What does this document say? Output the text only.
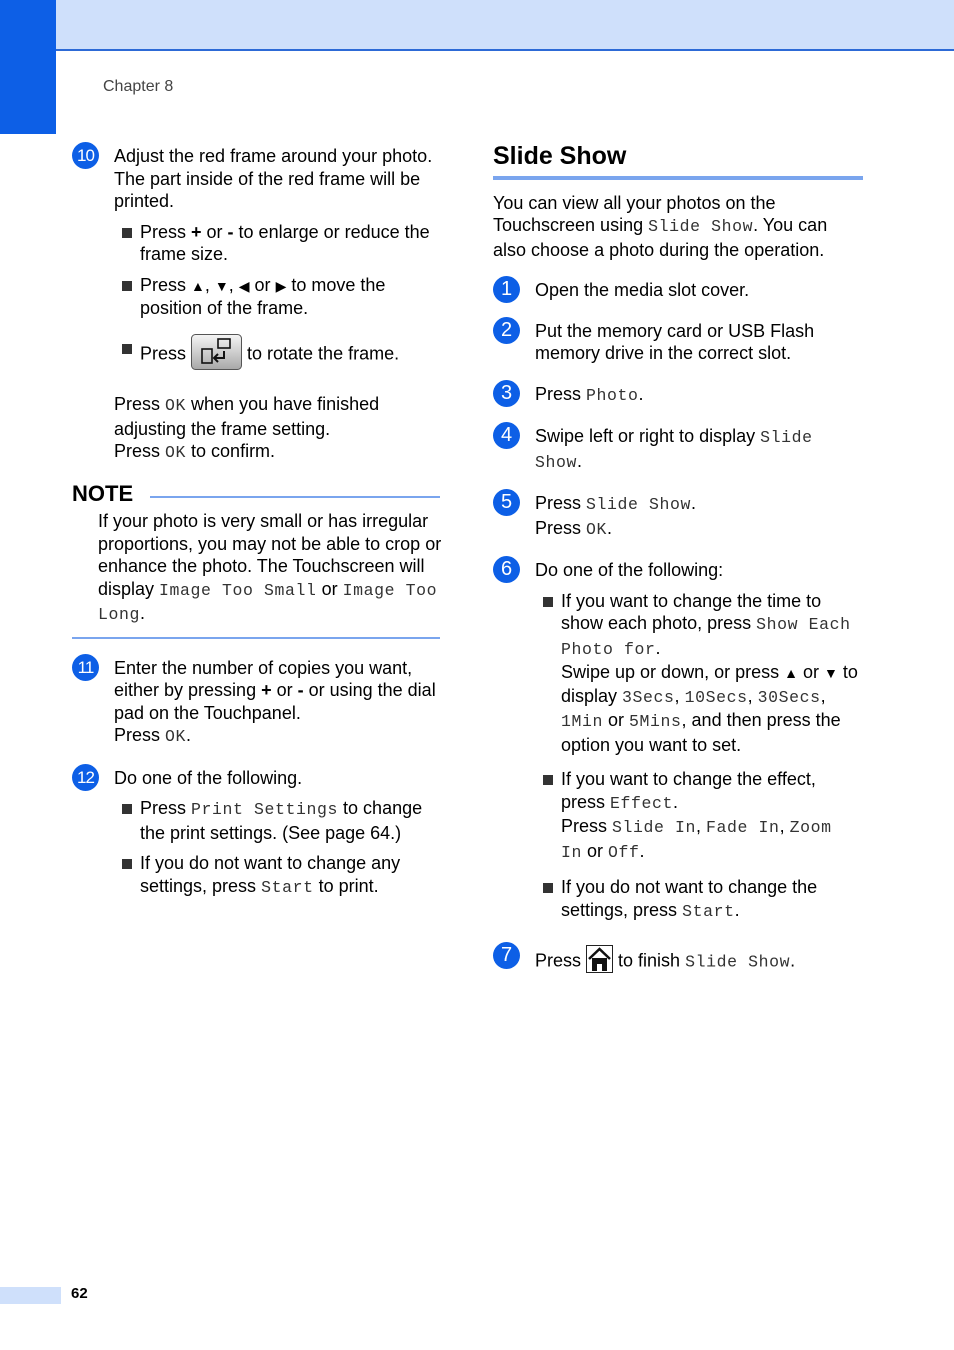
Chapter 8
10 Adjust the red frame around your photo. The part inside of the red frame will be printed.

Press + or - to enlarge or reduce the frame size.
Press ▲, ▼, ◀ or ▶ to move the position of the frame.
Press	to rotate the frame.

Press OK when you have finished adjusting the frame setting.

Press OK to confirm.

NOTE

If your photo is very small or has irregular proportions, you may not be able to crop or enhance the photo. The Touchscreen will display Image Too Small or Image Too Long.

11	Enter the number of copies you want, either by pressing + or - or using the dial pad on the Touchpanel.

Press OK.

12 Do one of the following.

Press Print Settings to change the print settings. (See page 64.)
If you do not want to change any settings, press Start to print.
Slide Show

You can view all your photos on the Touchscreen using Slide Show. You can also choose a photo during the operation.

1	Open the media slot cover.

2	Put the memory card or USB Flash memory drive in the correct slot.

3	Press Photo.

4	Swipe left or right to display Slide Show.

5	Press Slide Show.

Press OK.

6	Do one of the following:

If you want to change the time to show each photo, press Show Each Photo for.
Swipe up or down, or press ▲ or ▼ to display 3Secs, 10Secs, 30Secs, 1Min or 5Mins, and then press the option you want to set.
If you want to change the effect, press Effect.
Press Slide In, Fade In, Zoom In or Off.
If you do not want to change the settings, press Start.
7	Press  to finish Slide Show.

62
